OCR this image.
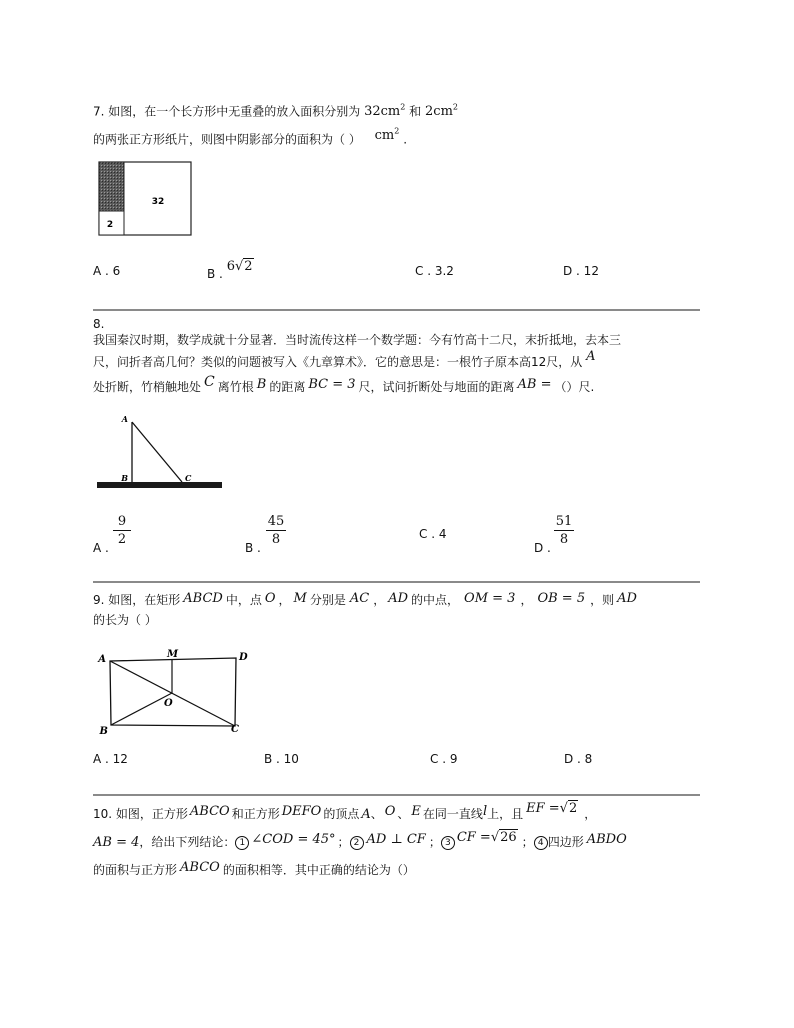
7. 如图，在一个长方形中无重叠的放入面积分别为 $32cm^2$ 和 $2cm^2$
的两张正方形纸片，则图中阴影部分的面积为（ ） $cm^2$ .
32
2
A . 6	B . 6√2	C . 3.2	D . 12
8.
我国秦汉时期，数学成就十分显著．当时流传这样一个数学题：今有竹高十二尺，末折抵地，去本三
尺，问折者高几何？类似的问题被写入《九章算术》．它的意思是：一根竹子原本高12尺，从 A
处折断，竹梢触地处 C 离竹根 B 的距离 BC = 3 尺，试问折断处与地面的距离 AB = （）尺.
A
B	C
A .
9
2
B .
45
8	C . 4
D .
51
8
9. 如图，在矩形 ABCD 中，点 O ， M 分别是 AC ， AD 的中点， OM = 3 ， OB = 5 ，则 AD
的长为（ ）
A	M	D
O
B	C
A . 12	B . 10	C . 9	D . 8
10. 如图，正方形 ABCO 和正方形 DEFO 的顶点 A、 O 、 E 在同一直线l上，且 EF =√2 ，
AB = 4，给出下列结论： 1 ∠COD = 45° ； 2 AD ⊥ CF ； 3 CF =√26 ； 4 四边形 ABDO
的面积与正方形 ABCO 的面积相等．其中正确的结论为（）
